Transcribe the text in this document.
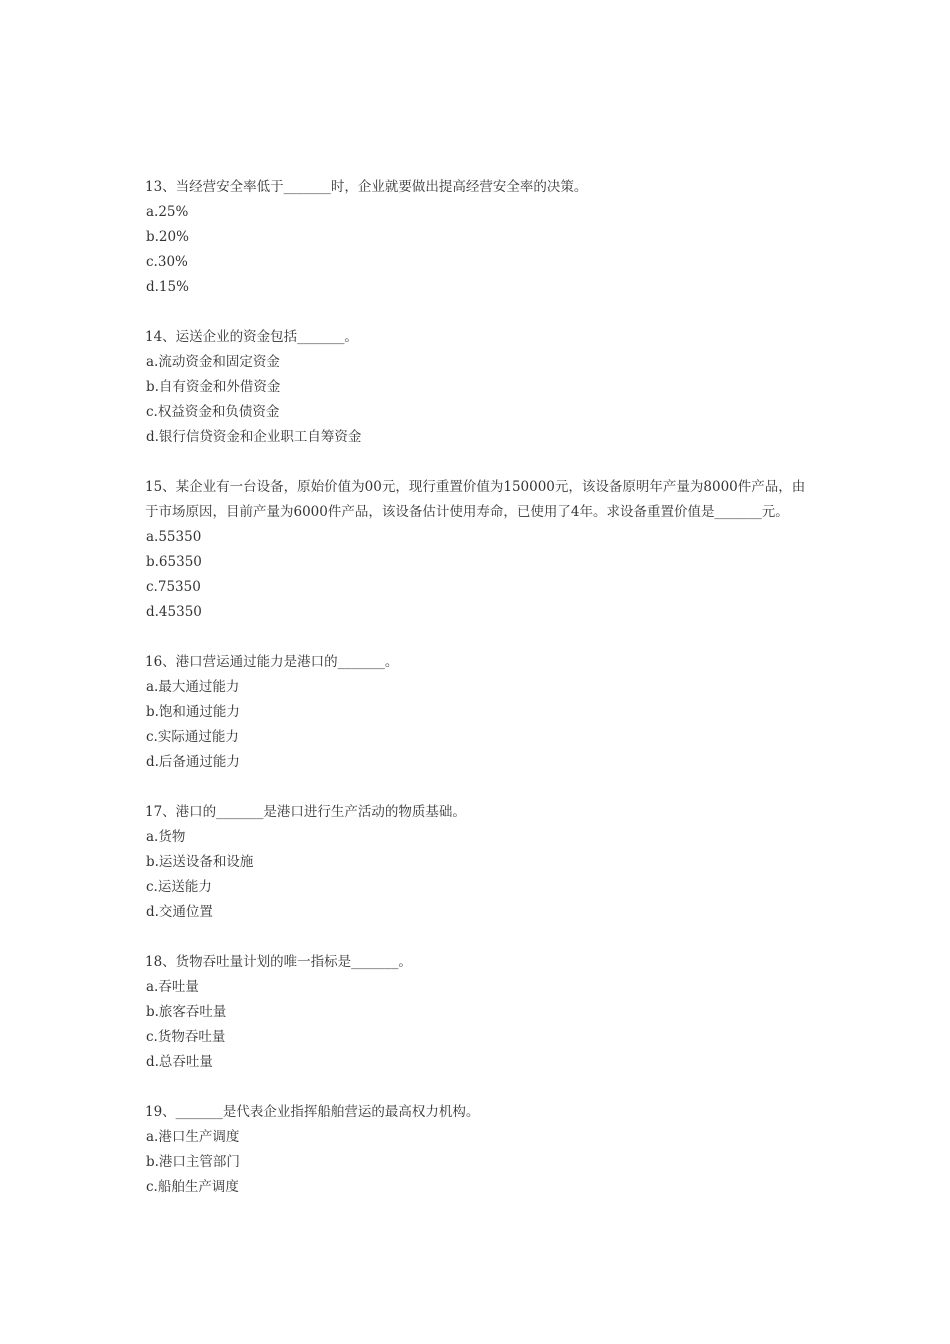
13、当经营安全率低于_______时，企业就要做出提高经营安全率的决策。

a.25%

b.20%

c.30%

d.15%

14、运送企业的资金包括_______。

a.流动资金和固定资金

b.自有资金和外借资金

c.权益资金和负债资金

d.银行信贷资金和企业职工自筹资金

15、某企业有一台设备，原始价值为00元，现行重置价值为150000元，该设备原明年产量为8000件产品，由于市场原因，目前产量为6000件产品，该设备估计使用寿命，已使用了4年。求设备重置价值是_______元。

a.55350

b.65350

c.75350

d.45350

16、港口营运通过能力是港口的_______。

a.最大通过能力

b.饱和通过能力

c.实际通过能力

d.后备通过能力

17、港口的_______是港口进行生产活动的物质基础。

a.货物

b.运送设备和设施

c.运送能力

d.交通位置

18、货物吞吐量计划的唯一指标是_______。

a.吞吐量

b.旅客吞吐量

c.货物吞吐量

d.总吞吐量

19、_______是代表企业指挥船舶营运的最高权力机构。

a.港口生产调度

b.港口主管部门

c.船舶生产调度
